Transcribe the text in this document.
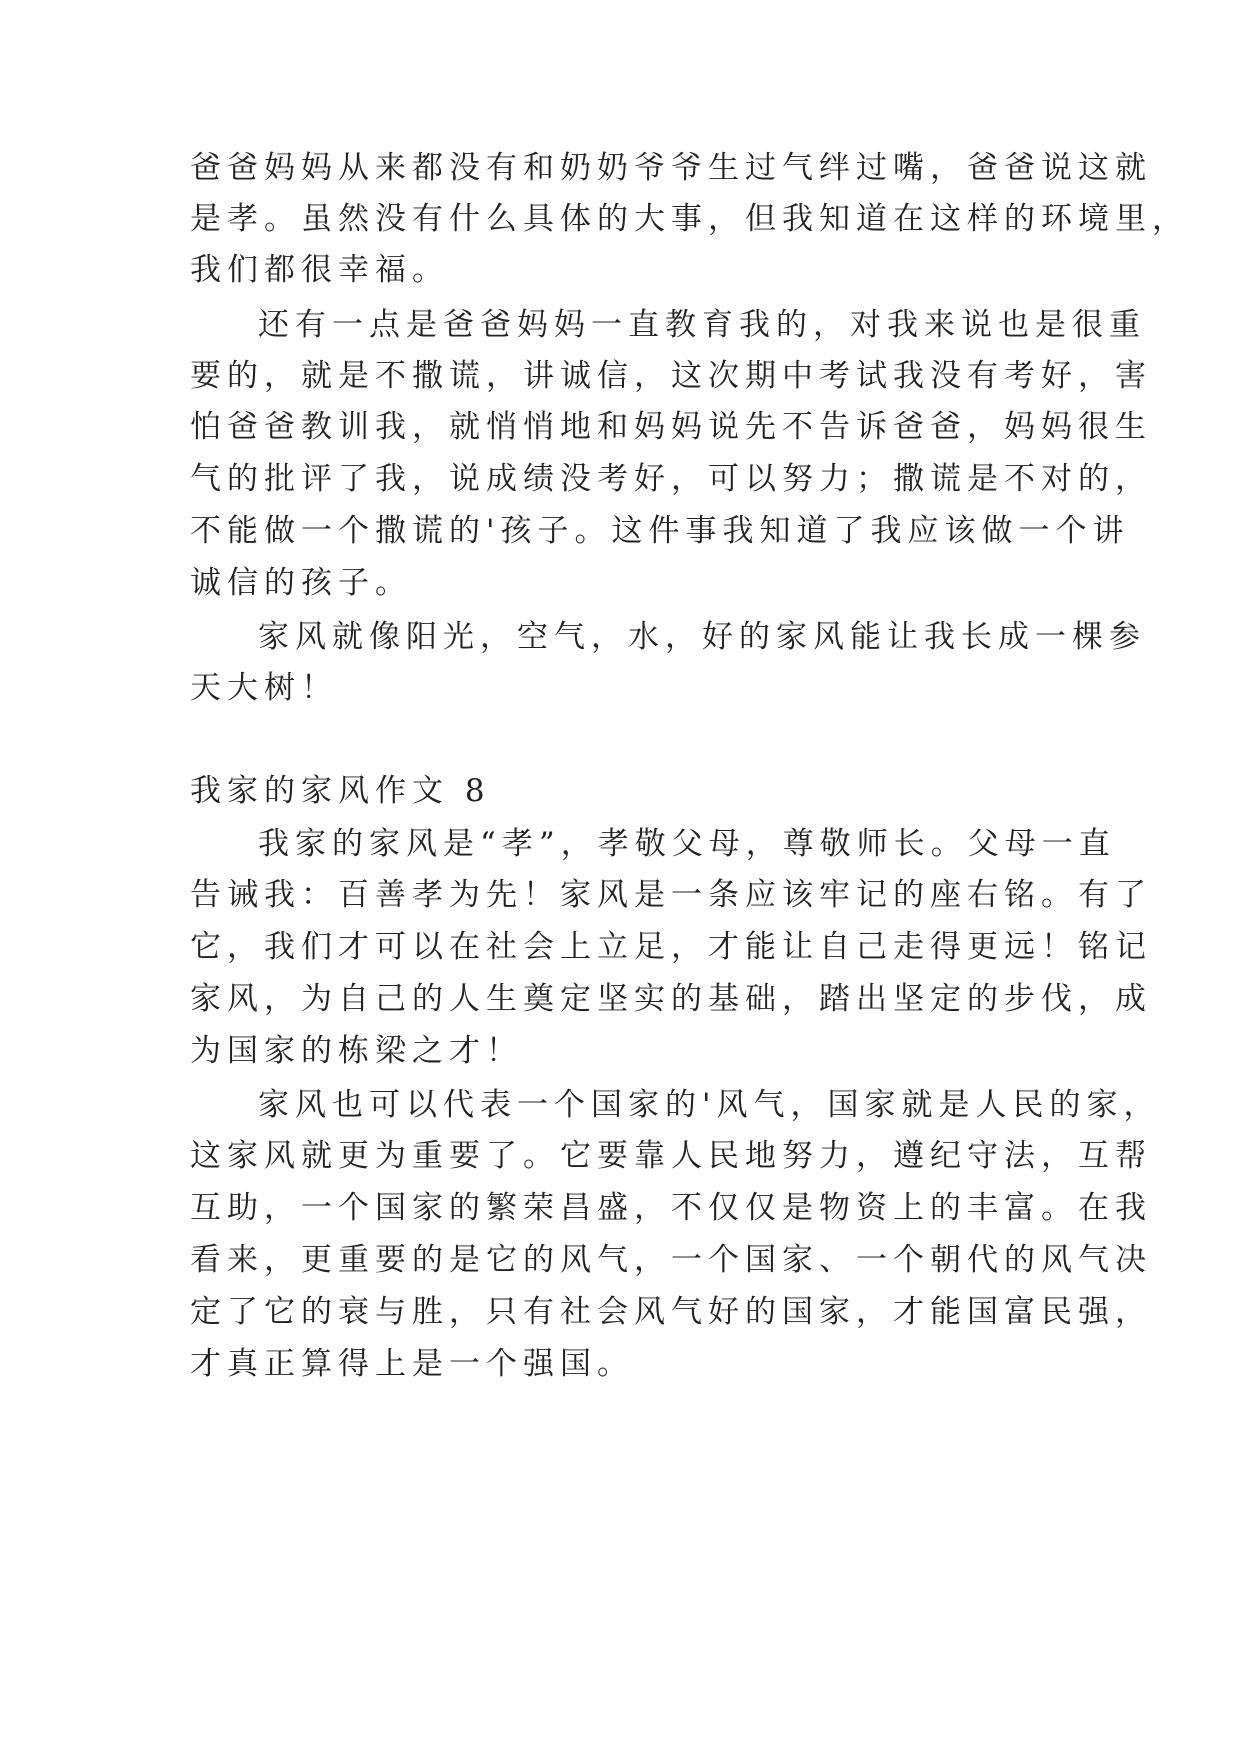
爸爸妈妈从来都没有和奶奶爷爷生过气绊过嘴，爸爸说这就
是孝。虽然没有什么具体的大事，但我知道在这样的环境里，
我们都很幸福。
还有一点是爸爸妈妈一直教育我的，对我来说也是很重
要的，就是不撒谎，讲诚信，这次期中考试我没有考好，害
怕爸爸教训我，就悄悄地和妈妈说先不告诉爸爸，妈妈很生
气的批评了我，说成绩没考好，可以努力；撒谎是不对的，
不能做一个撒谎的'孩子。这件事我知道了我应该做一个讲
诚信的孩子。
家风就像阳光，空气，水，好的家风能让我长成一棵参
天大树！
我家的家风作文 8
我家的家风是“孝”，孝敬父母，尊敬师长。父母一直
告诫我：百善孝为先！家风是一条应该牢记的座右铭。有了
它，我们才可以在社会上立足，才能让自己走得更远！铭记
家风，为自己的人生奠定坚实的基础，踏出坚定的步伐，成
为国家的栋梁之才！
家风也可以代表一个国家的'风气，国家就是人民的家，
这家风就更为重要了。它要靠人民地努力，遵纪守法，互帮
互助，一个国家的繁荣昌盛，不仅仅是物资上的丰富。在我
看来，更重要的是它的风气，一个国家、一个朝代的风气决
定了它的衰与胜，只有社会风气好的国家，才能国富民强，
才真正算得上是一个强国。
